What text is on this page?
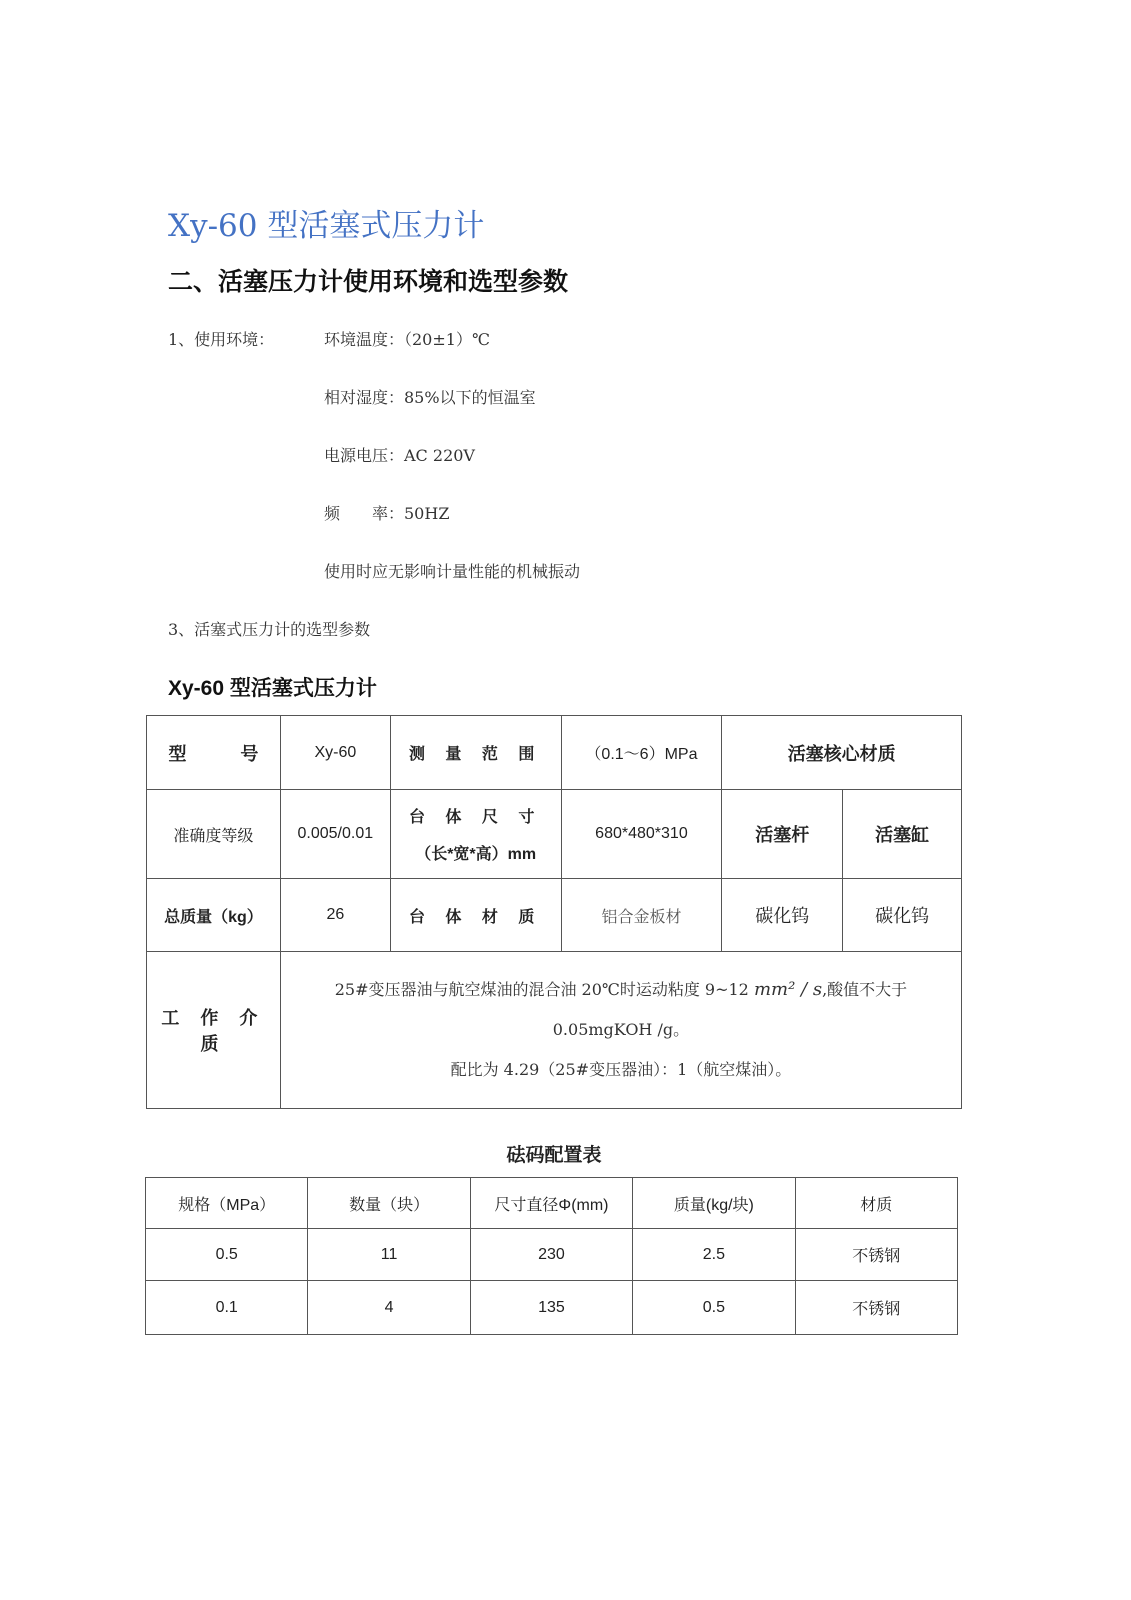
Xy-60 型活塞式压力计
二、活塞压力计使用环境和选型参数
1、使用环境：	环境温度：（20±1）℃
相对湿度：85%以下的恒温室
电源电压：AC 220V
频　　率：50HZ
使用时应无影响计量性能的机械振动
3、活塞式压力计的选型参数
Xy-60 型活塞式压力计
型　　　号	Xy-60	测 量 范 围	（0.1～6）MPa	活塞核心材质	
准确度等级	0.005/0.01	台 体 尺 寸
（长*宽*高）mm	680*480*310	活塞杆	活塞缸
总质量（kg）	26	台 体 材 质	铝合金板材	碳化钨	碳化钨
工 作 介 质	25#变压器油与航空煤油的混合油 20℃时运动粘度 9~12 mm² / s,酸值不大于
0.05mgKOH /g。
配比为 4.29（25#变压器油）：1（航空煤油）。				
砝码配置表
规格（MPa）	数量（块）	尺寸直径Φ(mm)	质量(kg/块)	材质
0.5	11	230	2.5	不锈钢
0.1	4	135	0.5	不锈钢
